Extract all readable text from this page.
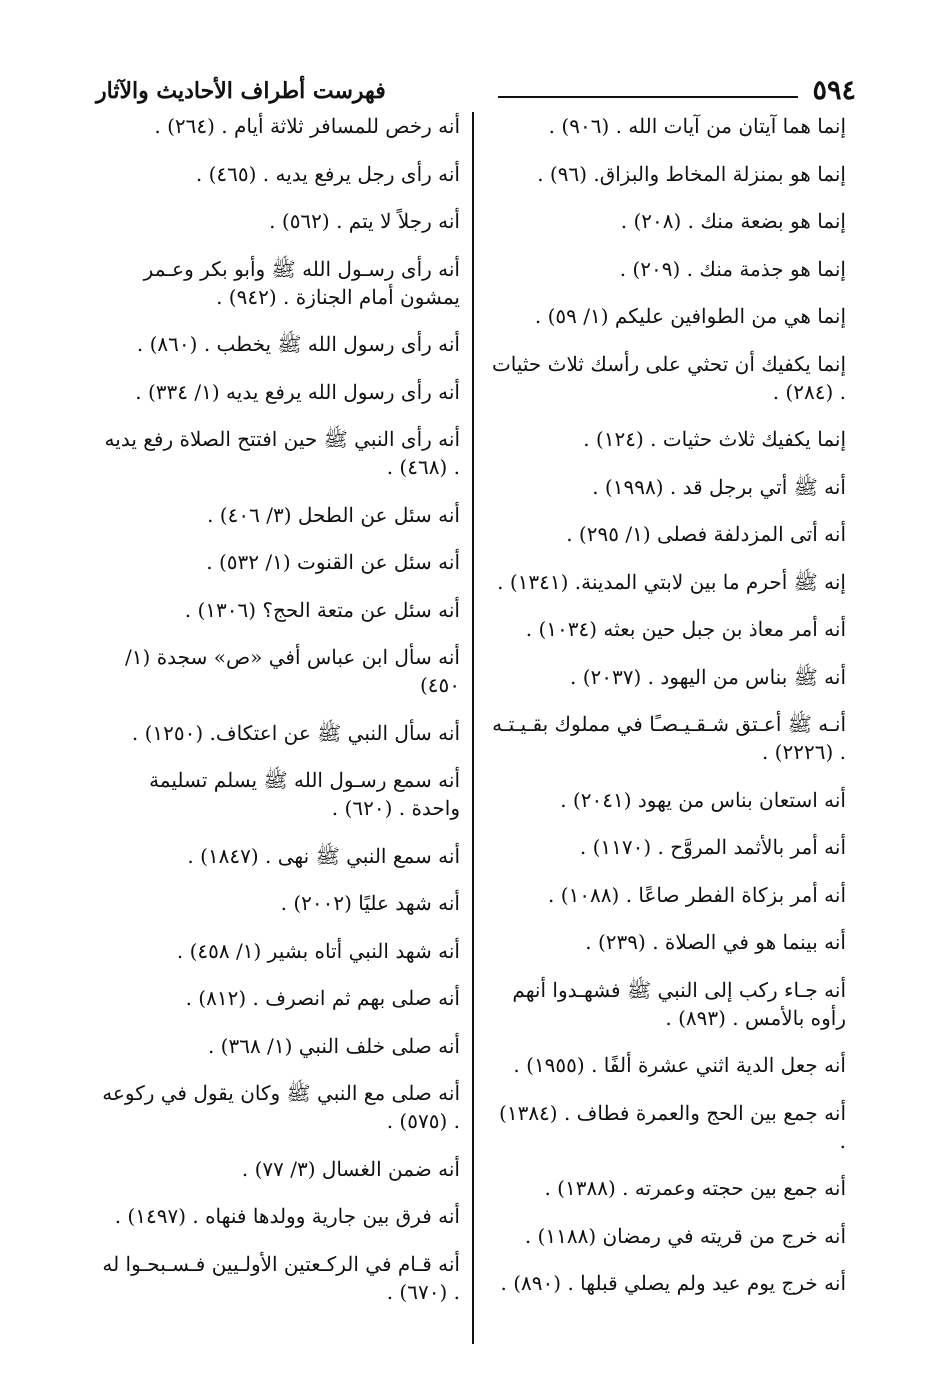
٥٩٤
فهرست أطراف الأحاديث والآثار
إنما هما آيتان من آيات الله . (٩٠٦) .
إنما هو بمنزلة المخاط والبزاق. (٩٦) .
إنما هو بضعة منك . (٢٠٨) .
إنما هو جذمة منك . (٢٠٩) .
إنما هي من الطوافين عليكم (١/ ٥٩) .
إنما يكفيك أن تحثي على رأسك ثلاث حثيات . (٢٨٤) .
إنما يكفيك ثلاث حثيات . (١٢٤) .
أنه ﷺ أتي برجل قد . (١٩٩٨) .
أنه أتى المزدلفة فصلى (١/ ٢٩٥) .
إنه ﷺ أحرم ما بين لابتي المدينة. (١٣٤١) .
أنه أمر معاذ بن جبل حين بعثه (١٠٣٤) .
أنه ﷺ بناس من اليهود . (٢٠٣٧) .
أنـه ﷺ أعـتق شـقـيـصـًا في مملوك بقـيـتـه . (٢٢٢٦) .
أنه استعان بناس من يهود (٢٠٤١) .
أنه أمر بالأثمد المروَّح . (١١٧٠) .
أنه أمر بزكاة الفطر صاعًا . (١٠٨٨) .
أنه بينما هو في الصلاة . (٢٣٩) .
أنه جـاء ركب إلى النبي ﷺ فشهـدوا أنهم رأوه بالأمس . (٨٩٣) .
أنه جعل الدية اثني عشرة ألفًا . (١٩٥٥) .
أنه جمع بين الحج والعمرة فطاف . (١٣٨٤) .
أنه جمع بين حجته وعمرته . (١٣٨٨) .
أنه خرج من قريته في رمضان (١١٨٨) .
أنه خرج يوم عيد ولم يصلي قبلها . (٨٩٠) .
أنه رخص للمسافر ثلاثة أيام . (٢٦٤) .
أنه رأى رجل يرفع يديه . (٤٦٥) .
أنه رجلاً لا يتم . (٥٦٢) .
أنه رأى رسـول الله ﷺ وأبو بكر وعـمر يمشون أمام الجنازة . (٩٤٢) .
أنه رأى رسول الله ﷺ يخطب . (٨٦٠) .
أنه رأى رسول الله يرفع يديه (١/ ٣٣٤) .
أنه رأى النبي ﷺ حين افتتح الصلاة رفع يديه . (٤٦٨) .
أنه سئل عن الطحل (٣/ ٤٠٦) .
أنه سئل عن القنوت (١/ ٥٣٢) .
أنه سئل عن متعة الحج؟ (١٣٠٦) .
أنه سأل ابن عباس أفي «ص» سجدة (١/ ٤٥٠)
أنه سأل النبي ﷺ عن اعتكاف. (١٢٥٠) .
أنه سمع رسـول الله ﷺ يسلم تسليمة واحدة . (٦٢٠) .
أنه سمع النبي ﷺ نهى . (١٨٤٧) .
أنه شهد عليًا (٢٠٠٢) .
أنه شهد النبي أتاه بشير (١/ ٤٥٨) .
أنه صلى بهم ثم انصرف . (٨١٢) .
أنه صلى خلف النبي (١/ ٣٦٨) .
أنه صلى مع النبي ﷺ وكان يقول في ركوعه . (٥٧٥) .
أنه ضمن الغسال (٣/ ٧٧) .
أنه فرق بين جارية وولدها فنهاه . (١٤٩٧) .
أنه قـام في الركـعتين الأولـيين فـسـبحـوا له . (٦٧٠) .
